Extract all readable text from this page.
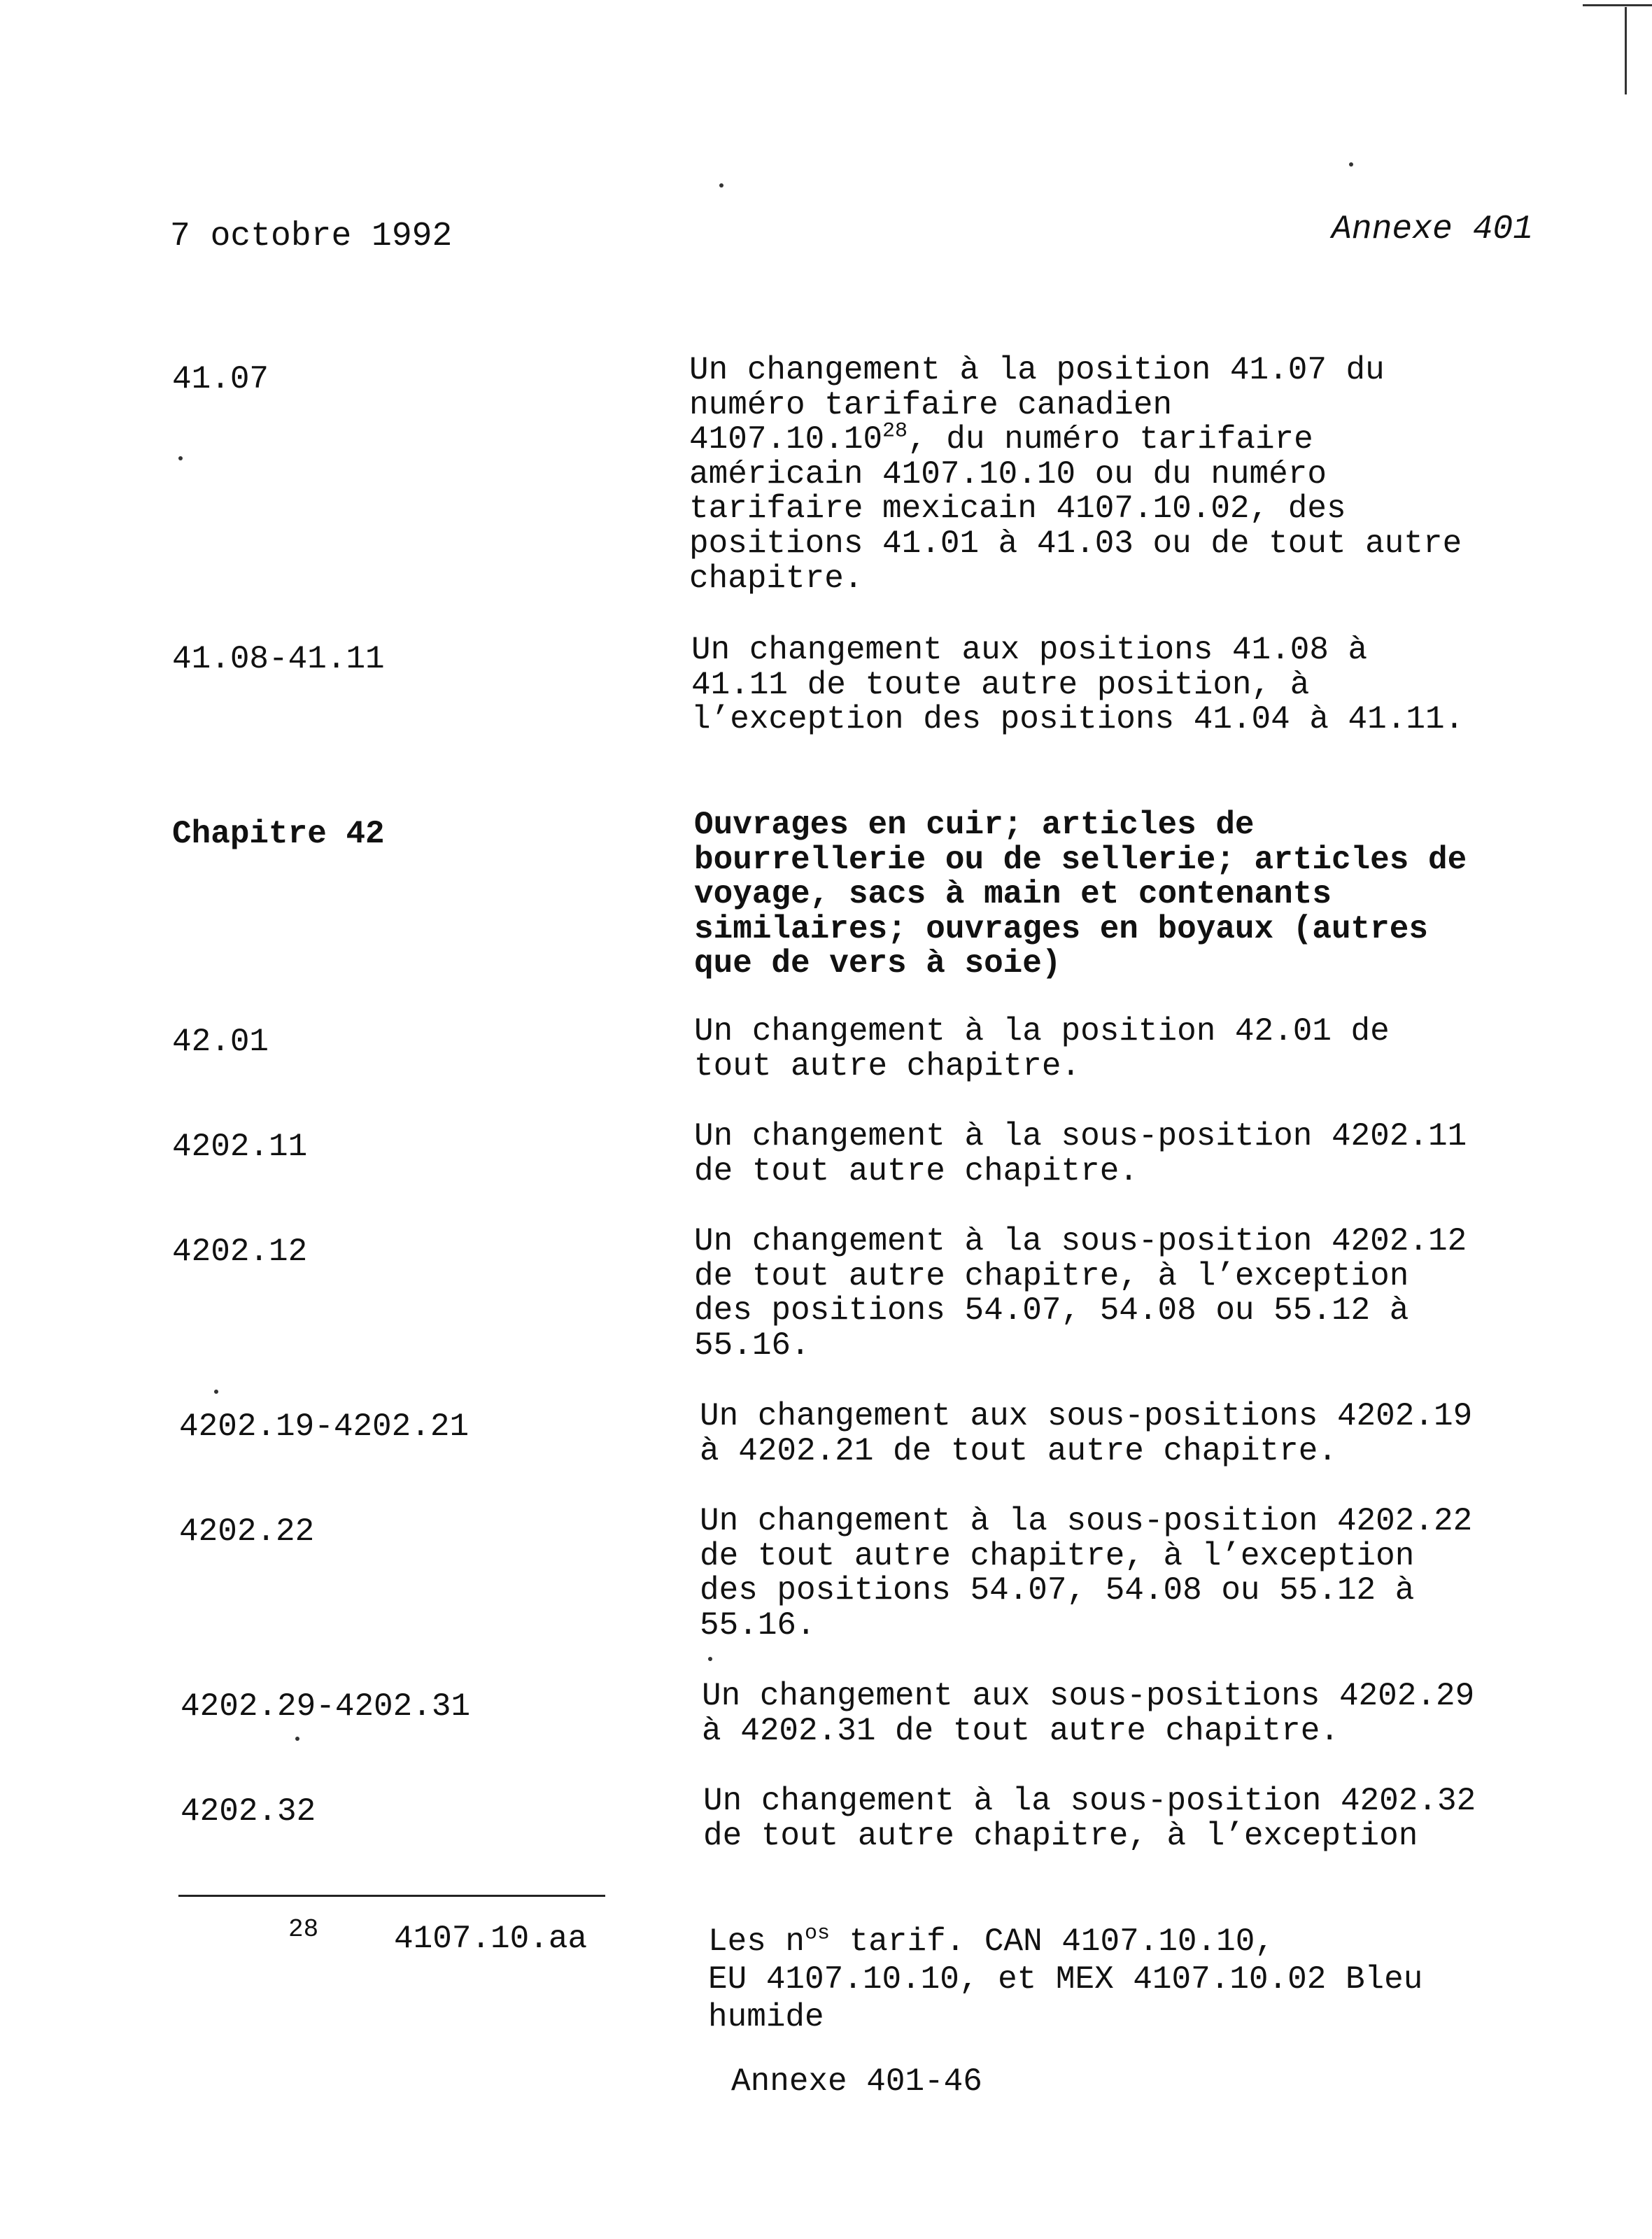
7 octobre 1992	Annexe 401
41.07	Un changement à la position 41.07 du
numéro tarifaire canadien
4107.10.10$^{28}$, du numéro tarifaire
américain 4107.10.10 ou du numéro
tarifaire mexicain 4107.10.02, des
positions 41.01 à 41.03 ou de tout autre
chapitre.
41.08-41.11	Un changement aux positions 41.08 à
41.11 de toute autre position, à
l’exception des positions 41.04 à 41.11.
Chapitre 42	Ouvrages en cuir; articles de
bourrellerie ou de sellerie; articles de
voyage, sacs à main et contenants
similaires; ouvrages en boyaux (autres
que de vers à soie)
42.01	Un changement à la position 42.01 de
tout autre chapitre.
4202.11	Un changement à la sous-position 4202.11
de tout autre chapitre.
4202.12	Un changement à la sous-position 4202.12
de tout autre chapitre, à l’exception
des positions 54.07, 54.08 ou 55.12 à
55.16.
4202.19-4202.21	Un changement aux sous-positions 4202.19
à 4202.21 de tout autre chapitre.
4202.22	Un changement à la sous-position 4202.22
de tout autre chapitre, à l’exception
des positions 54.07, 54.08 ou 55.12 à
55.16.
4202.29-4202.31	Un changement aux sous-positions 4202.29
à 4202.31 de tout autre chapitre.
4202.32	Un changement à la sous-position 4202.32
de tout autre chapitre, à l’exception
28 4107.10.aa	Les $n^{os}$ tarif. CAN 4107.10.10,
EU 4107.10.10, et MEX 4107.10.02 Bleu
humide
Annexe 401-46
